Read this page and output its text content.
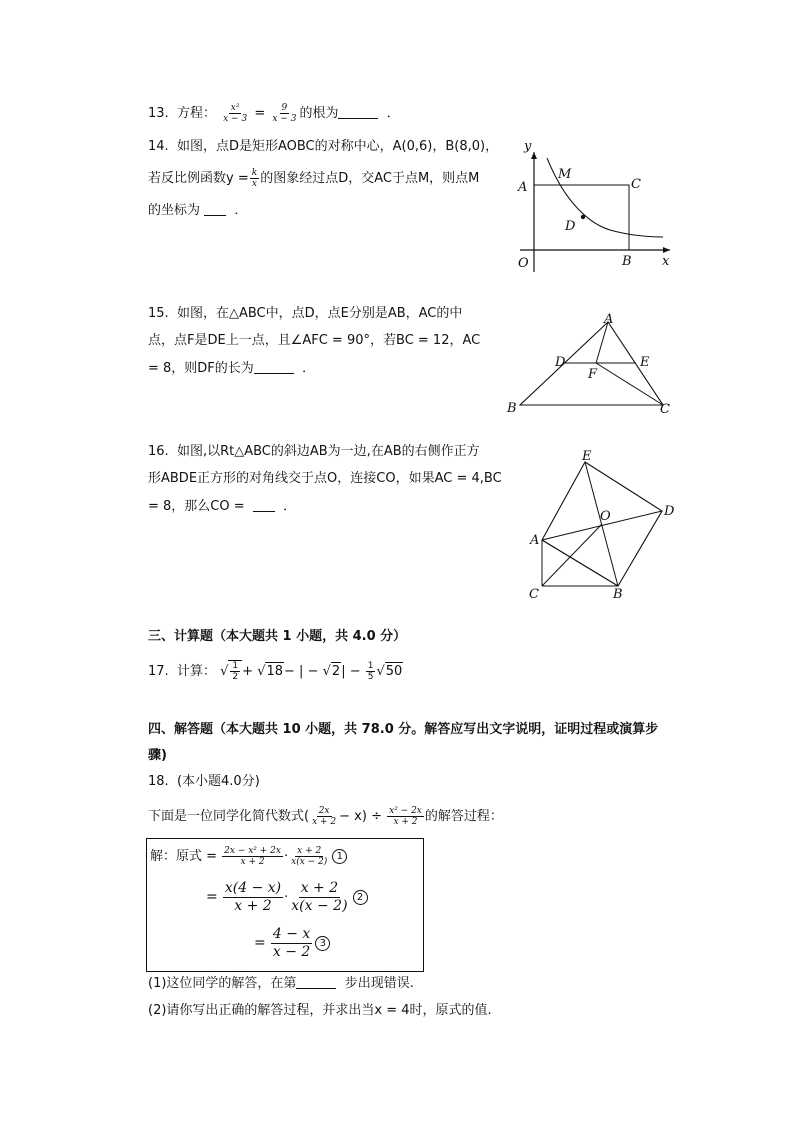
13. 方程： $\frac{\text{x²}}{x - 3} = \frac{9}{x - 3}$ 的根为	．
14. 如图，点D是矩形AOBC的对称中心，A(0,6)，B(8,0)，
若反比例函数$y = \frac{k}{x}$ 的图象经过点D，交AC于点M，则点M
的坐标为	．
y
x
O
A
B
C
D
M
15. 如图，在△ABC中，点D，点E分别是AB，AC的中
点，点F是DE上一点，且∠AFC = 90°，若BC = 12，AC
= 8，则DF的长为	．
A
B	C
D	E
F
16. 如图,以Rt△ABC的斜边AB为一边,在AB的右侧作正方
形ABDE正方形的对角线交于点O，连接CO，如果AC = 4,BC
= 8，那么CO =	．
E
D
O
A
C	B
三、计算题（本大题共 1 小题，共 4.0 分）
17. 计算： √ $\frac{1}{2} + √18-$ | − $√2| - \frac{1}{5} √50$
四、解答题（本大题共 10 小题，共 78.0 分。解答应写出文字说明，证明过程或演算步
骤)
18. (本小题4.0分)
下面是一位同学化简代数式( $\frac{2x}{x + 2} - x) \div \frac{\text{x² − 2x}}{x + 2}$ 的解答过程：
解：原式 = $\frac{\text{2x − x² + 2x}}{x + 2} \cdot \frac{x + 2}{x(x - 2)} 1$
= $\frac{x(4 - x)}{x + 2} \cdot \frac{x + 2}{x(x - 2)} 2$
= $\frac{4 - x}{x - 2} 3$
(1)这位同学的解答，在第	步出现错误.
(2)请你写出正确的解答过程，并求出当x = 4时，原式的值.
